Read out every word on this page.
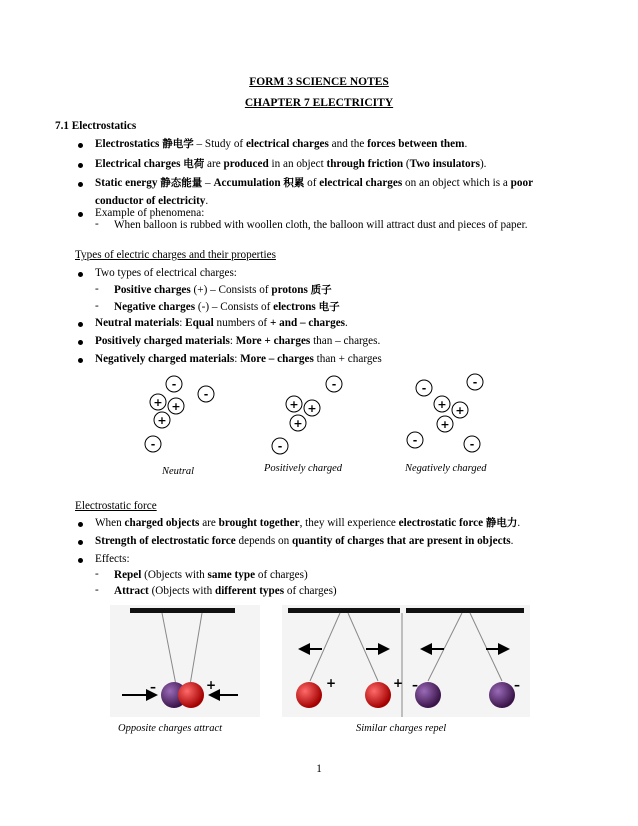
FORM 3 SCIENCE NOTES
CHAPTER 7 ELECTRICITY
7.1 Electrostatics
Electrostatics 静电学 – Study of electrical charges and the forces between them.
Electrical charges 电荷 are produced in an object through friction (Two insulators).
Static energy 静态能量 – Accumulation 积累 of electrical charges on an object which is a poor
conductor of electricity.
Example of phenomena:
- When balloon is rubbed with woollen cloth, the balloon will attract dust and pieces of paper.
Types of electric charges and their properties
Two types of electrical charges:
- Positive charges (+) – Consists of protons 质子
- Negative charges (-) – Consists of electrons 电子
Neutral materials: Equal numbers of + and – charges.
Positively charged materials: More + charges than – charges.
Negatively charged materials: More – charges than + charges
-
+ +
-
+
-
-
+ +
+
-
-
-
+ +
+
-	-
Neutral	Positively charged	Negatively charged
Electrostatic force
When charged objects are brought together, they will experience electrostatic force 静电力.
Strength of electrostatic force depends on quantity of charges that are present in objects.
Effects:
- Repel (Objects with same type of charges)
- Attract (Objects with different types of charges)
–	+	+	+ –	–
Opposite charges attract	Similar charges repel
1
